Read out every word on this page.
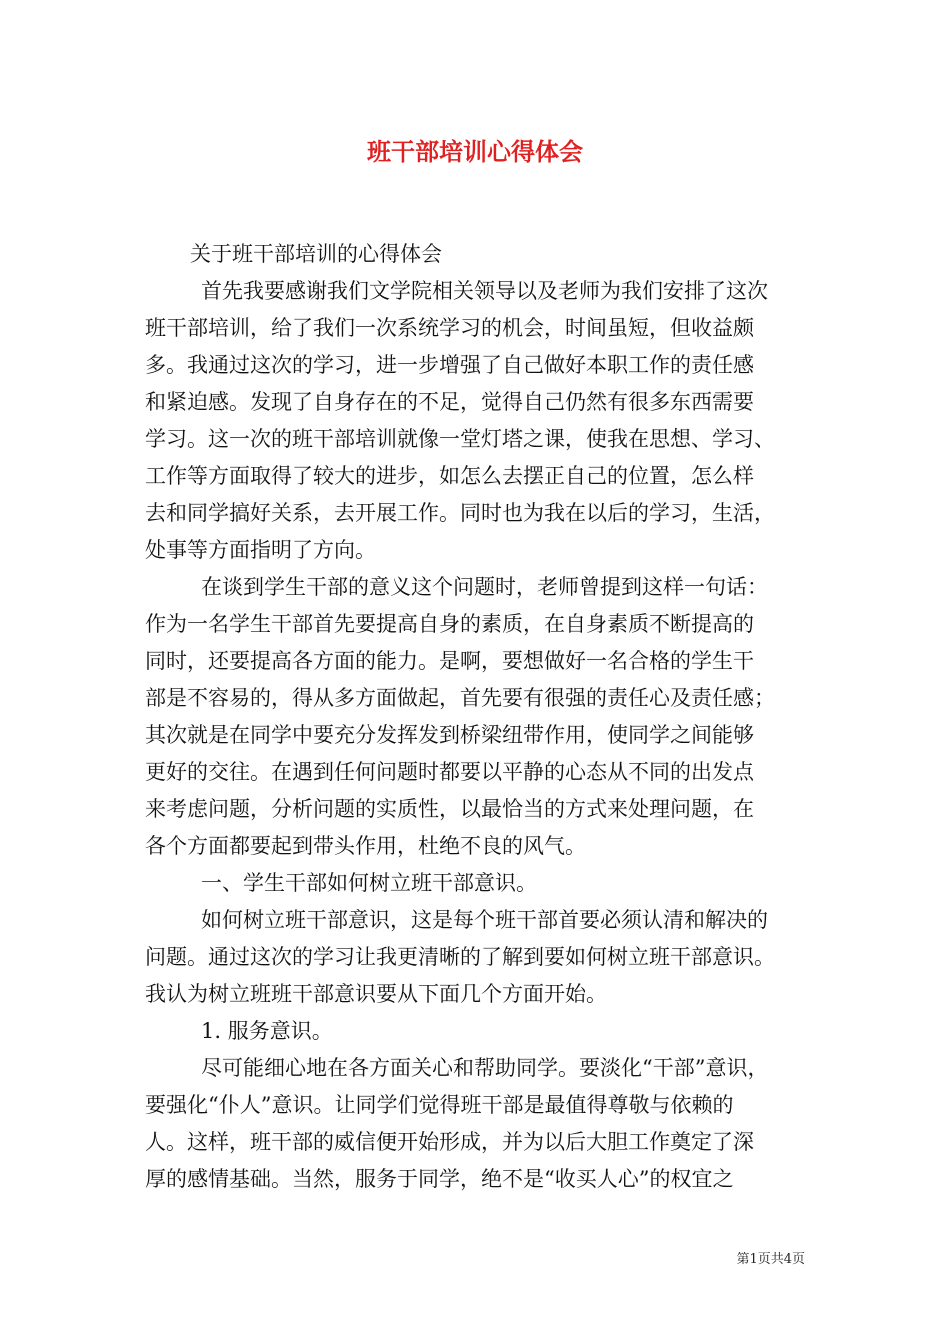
班干部培训心得体会
关于班干部培训的心得体会
首先我要感谢我们文学院相关领导以及老师为我们安排了这次
班干部培训，给了我们一次系统学习的机会，时间虽短，但收益颇
多。我通过这次的学习，进一步增强了自己做好本职工作的责任感
和紧迫感。发现了自身存在的不足，觉得自己仍然有很多东西需要
学习。这一次的班干部培训就像一堂灯塔之课，使我在思想、学习、
工作等方面取得了较大的进步，如怎么去摆正自己的位置，怎么样
去和同学搞好关系，去开展工作。同时也为我在以后的学习，生活，
处事等方面指明了方向。
在谈到学生干部的意义这个问题时，老师曾提到这样一句话：
作为一名学生干部首先要提高自身的素质，在自身素质不断提高的
同时，还要提高各方面的能力。是啊，要想做好一名合格的学生干
部是不容易的，得从多方面做起，首先要有很强的责任心及责任感；
其次就是在同学中要充分发挥发到桥梁纽带作用，使同学之间能够
更好的交往。在遇到任何问题时都要以平静的心态从不同的出发点
来考虑问题，分析问题的实质性，以最恰当的方式来处理问题，在
各个方面都要起到带头作用，杜绝不良的风气。
一、学生干部如何树立班干部意识。
如何树立班干部意识，这是每个班干部首要必须认清和解决的
问题。通过这次的学习让我更清晰的了解到要如何树立班干部意识。
我认为树立班班干部意识要从下面几个方面开始。
1. 服务意识。
尽可能细心地在各方面关心和帮助同学。要淡化“干部”意识，
要强化“仆人”意识。让同学们觉得班干部是最值得尊敬与依赖的
人。这样，班干部的威信便开始形成，并为以后大胆工作奠定了深
厚的感情基础。当然，服务于同学，绝不是“收买人心”的权宜之
第1页共4页
